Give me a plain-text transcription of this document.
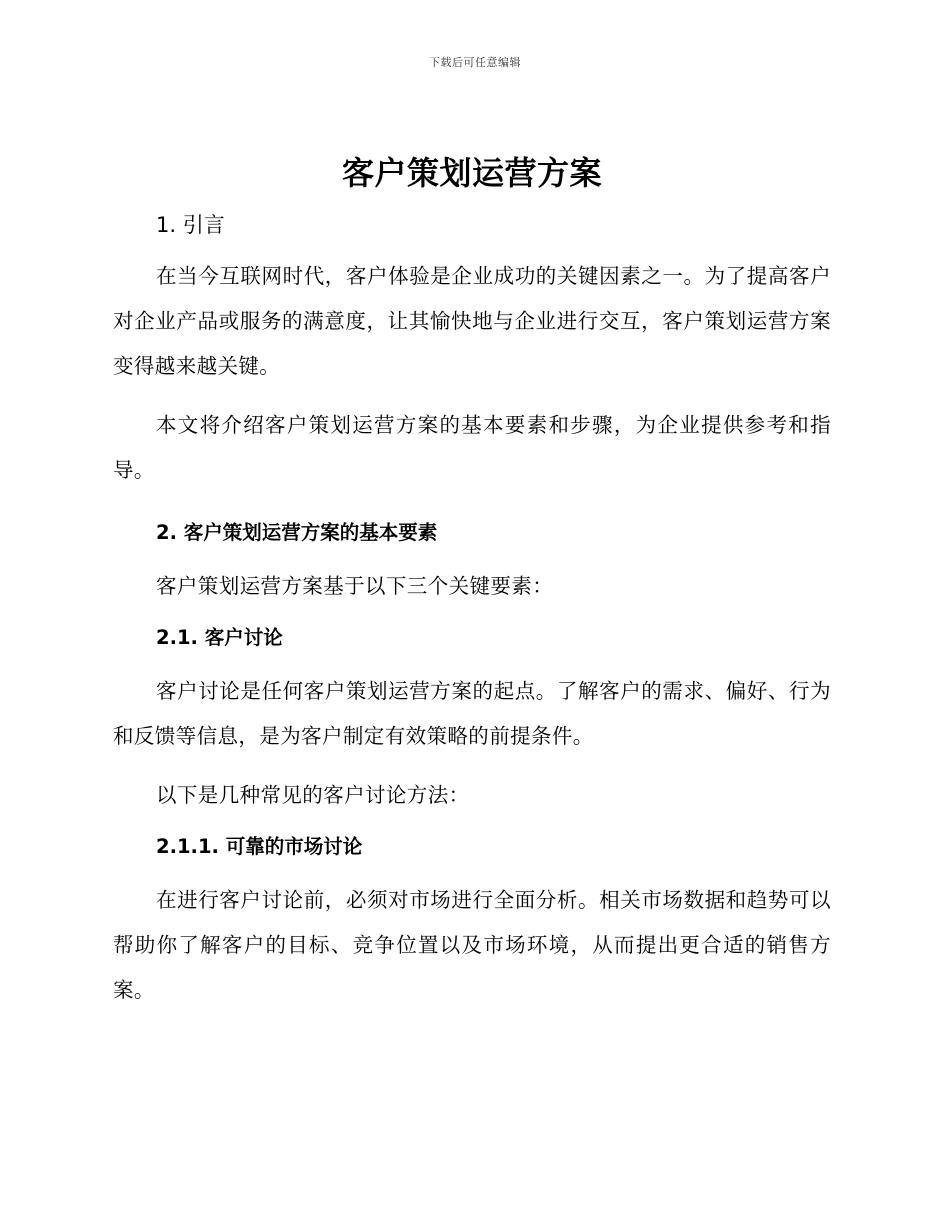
下载后可任意编辑
客户策划运营方案
1. 引言

在当今互联网时代，客户体验是企业成功的关键因素之一。为了提高客户对企业产品或服务的满意度，让其愉快地与企业进行交互，客户策划运营方案变得越来越关键。

本文将介绍客户策划运营方案的基本要素和步骤，为企业提供参考和指导。

2. 客户策划运营方案的基本要素

客户策划运营方案基于以下三个关键要素：

2.1. 客户讨论

客户讨论是任何客户策划运营方案的起点。了解客户的需求、偏好、行为和反馈等信息，是为客户制定有效策略的前提条件。

以下是几种常见的客户讨论方法：

2.1.1. 可靠的市场讨论

在进行客户讨论前，必须对市场进行全面分析。相关市场数据和趋势可以帮助你了解客户的目标、竞争位置以及市场环境，从而提出更合适的销售方案。
